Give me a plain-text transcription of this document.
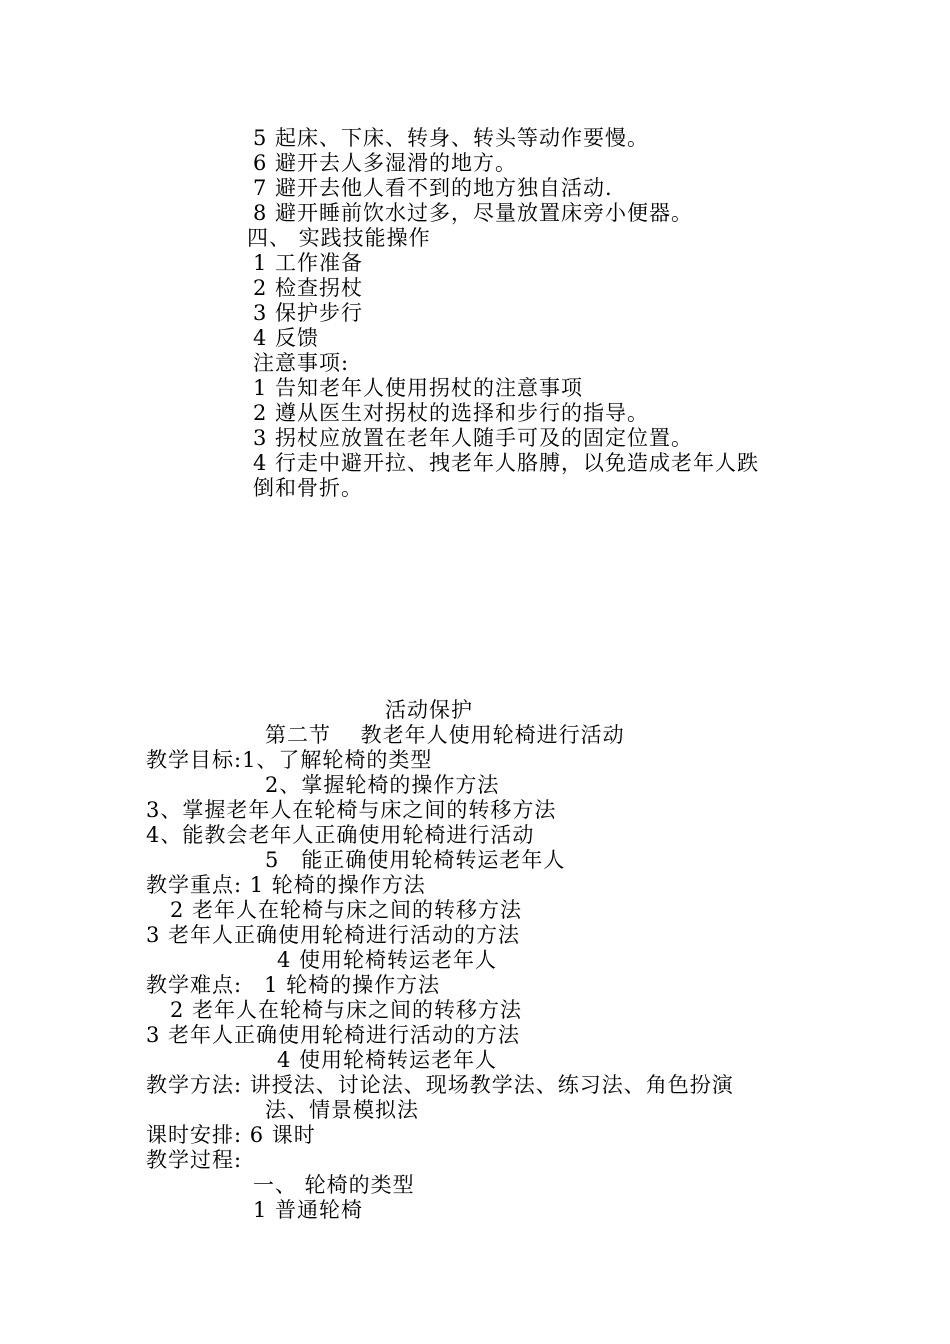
5 起床、下床、转身、转头等动作要慢。
6 避开去人多湿滑的地方。
7 避开去他人看不到的地方独自活动.
8 避开睡前饮水过多，尽量放置床旁小便器。
四、 实践技能操作
1 工作准备
2 检查拐杖
3 保护步行
4 反馈
注意事项:
1 告知老年人使用拐杖的注意事项
2 遵从医生对拐杖的选择和步行的指导。
3 拐杖应放置在老年人随手可及的固定位置。
4 行走中避开拉、拽老年人胳膊，以免造成老年人跌
倒和骨折。
活动保护
第二节　 教老年人使用轮椅进行活动
教学目标:1、了解轮椅的类型
2、掌握轮椅的操作方法
3、掌握老年人在轮椅与床之间的转移方法
4、能教会老年人正确使用轮椅进行活动
5　能正确使用轮椅转运老年人
教学重点: 1 轮椅的操作方法
2 老年人在轮椅与床之间的转移方法
3 老年人正确使用轮椅进行活动的方法
4 使用轮椅转运老年人
教学难点:　1 轮椅的操作方法
2 老年人在轮椅与床之间的转移方法
3 老年人正确使用轮椅进行活动的方法
4 使用轮椅转运老年人
教学方法: 讲授法、讨论法、现场教学法、练习法、角色扮演
法、情景模拟法
课时安排: 6 课时
教学过程:
一、 轮椅的类型
1 普通轮椅
